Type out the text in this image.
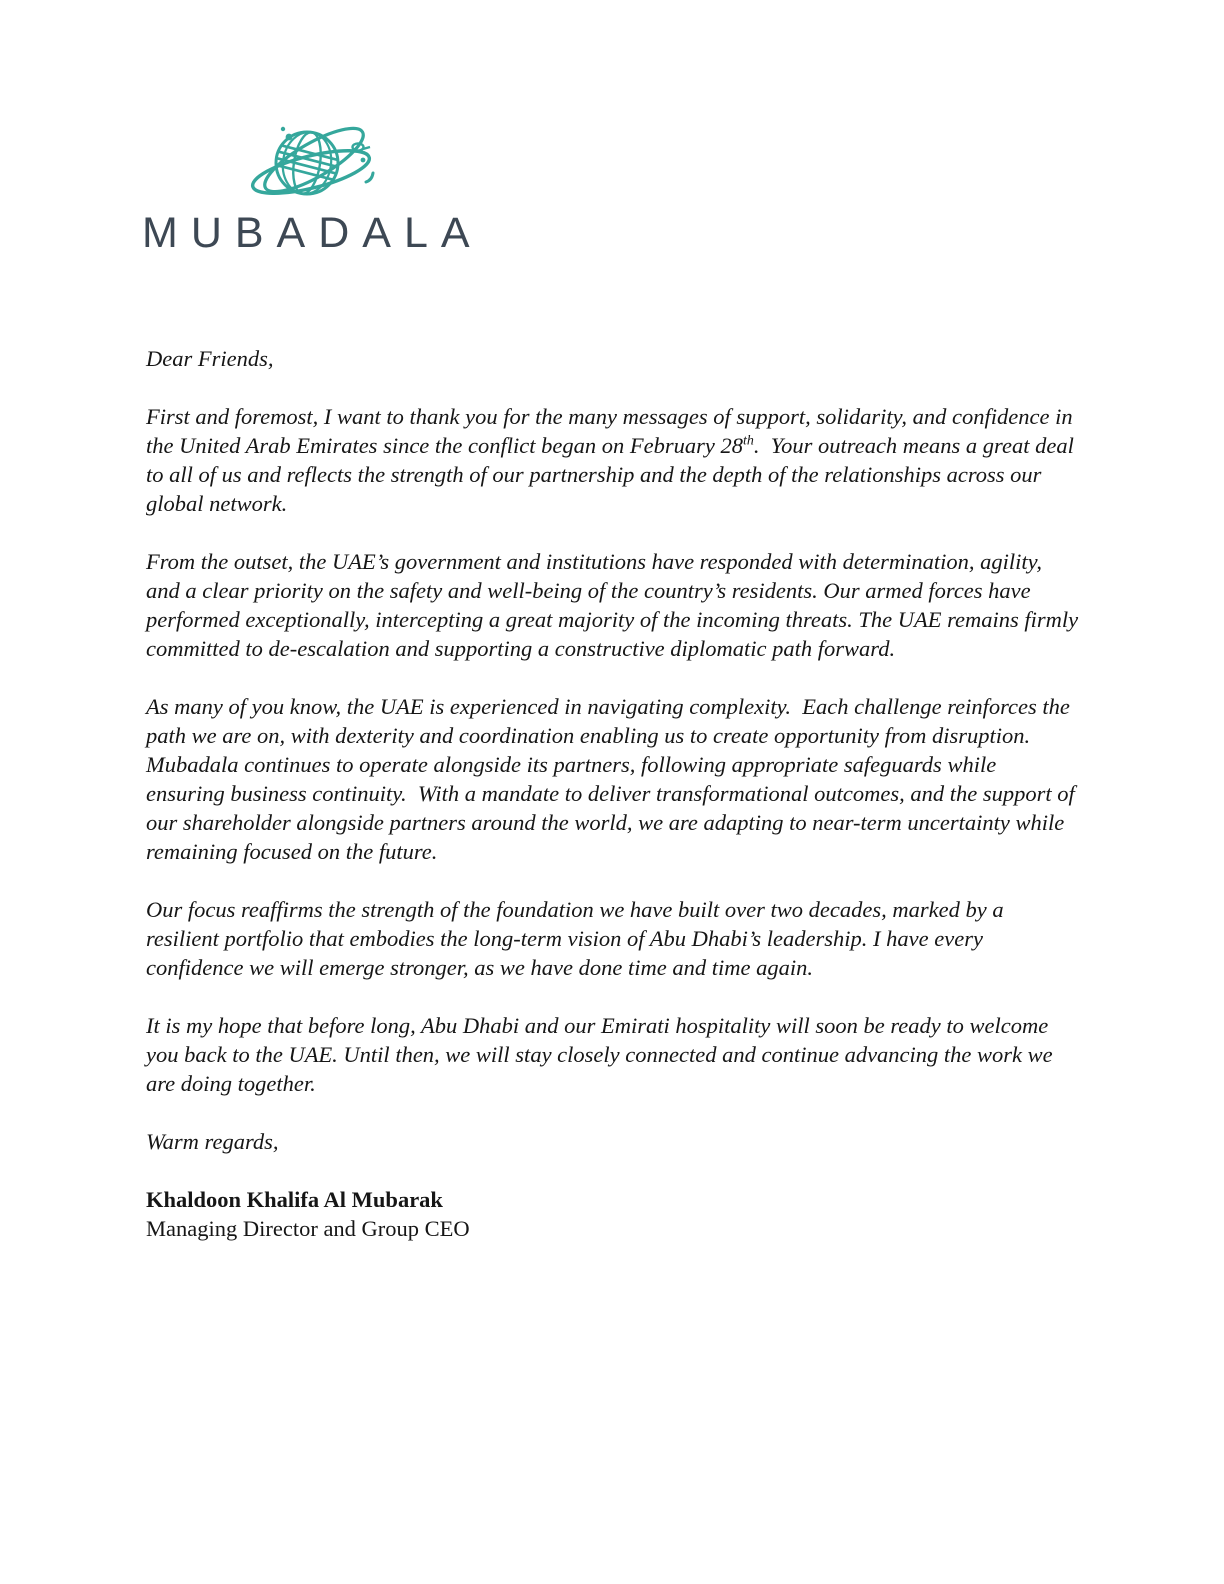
MUBADALA

Dear Friends,

First and foremost, I want to thank you for the many messages of support, solidarity, and confidence in the United Arab Emirates since the conflict began on February 28th.  Your outreach means a great deal to all of us and reflects the strength of our partnership and the depth of the relationships across our global network.

From the outset, the UAE’s government and institutions have responded with determination, agility, and a clear priority on the safety and well-being of the country’s residents. Our armed forces have performed exceptionally, intercepting a great majority of the incoming threats. The UAE remains firmly committed to de-escalation and supporting a constructive diplomatic path forward.

As many of you know, the UAE is experienced in navigating complexity.  Each challenge reinforces the path we are on, with dexterity and coordination enabling us to create opportunity from disruption. Mubadala continues to operate alongside its partners, following appropriate safeguards while ensuring business continuity.  With a mandate to deliver transformational outcomes, and the support of our shareholder alongside partners around the world, we are adapting to near-term uncertainty while remaining focused on the future.

Our focus reaffirms the strength of the foundation we have built over two decades, marked by a resilient portfolio that embodies the long-term vision of Abu Dhabi’s leadership. I have every confidence we will emerge stronger, as we have done time and time again.

It is my hope that before long, Abu Dhabi and our Emirati hospitality will soon be ready to welcome you back to the UAE. Until then, we will stay closely connected and continue advancing the work we are doing together.

Warm regards,

Khaldoon Khalifa Al Mubarak

Managing Director and Group CEO
